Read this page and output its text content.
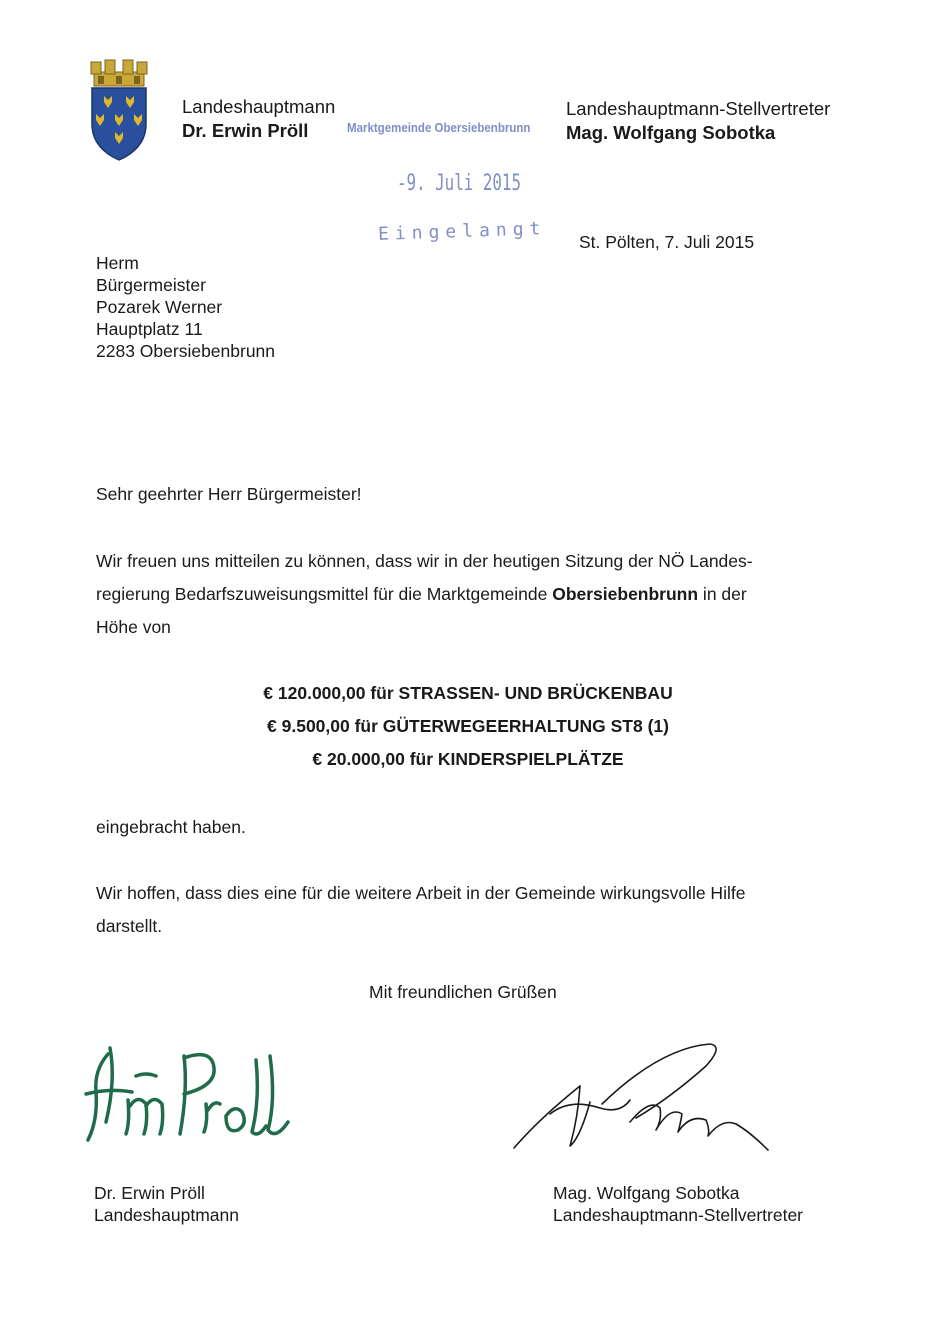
Landeshauptmann
Dr. Erwin Pröll
Landeshauptmann-Stellvertreter
Mag. Wolfgang Sobotka
Marktgemeinde Obersiebenbrunn
-9. Juli 2015
Eingelangt St. Pölten, 7. Juli 2015
Herm
Bürgermeister
Pozarek Werner
Hauptplatz 11
2283 Obersiebenbrunn
Sehr geehrter Herr Bürgermeister!
Wir freuen uns mitteilen zu können, dass wir in der heutigen Sitzung der NÖ Landes-
regierung Bedarfszuweisungsmittel für die Marktgemeinde Obersiebenbrunn in der
Höhe von
€ 120.000,00 für STRASSEN- UND BRÜCKENBAU
€ 9.500,00 für GÜTERWEGEERHALTUNG ST8 (1)
€ 20.000,00 für KINDERSPIELPLÄTZE
eingebracht haben.
Wir hoffen, dass dies eine für die weitere Arbeit in der Gemeinde wirkungsvolle Hilfe
darstellt.
Mit freundlichen Grüßen
Dr. Erwin Pröll
Landeshauptmann
Mag. Wolfgang Sobotka
Landeshauptmann-Stellvertreter
